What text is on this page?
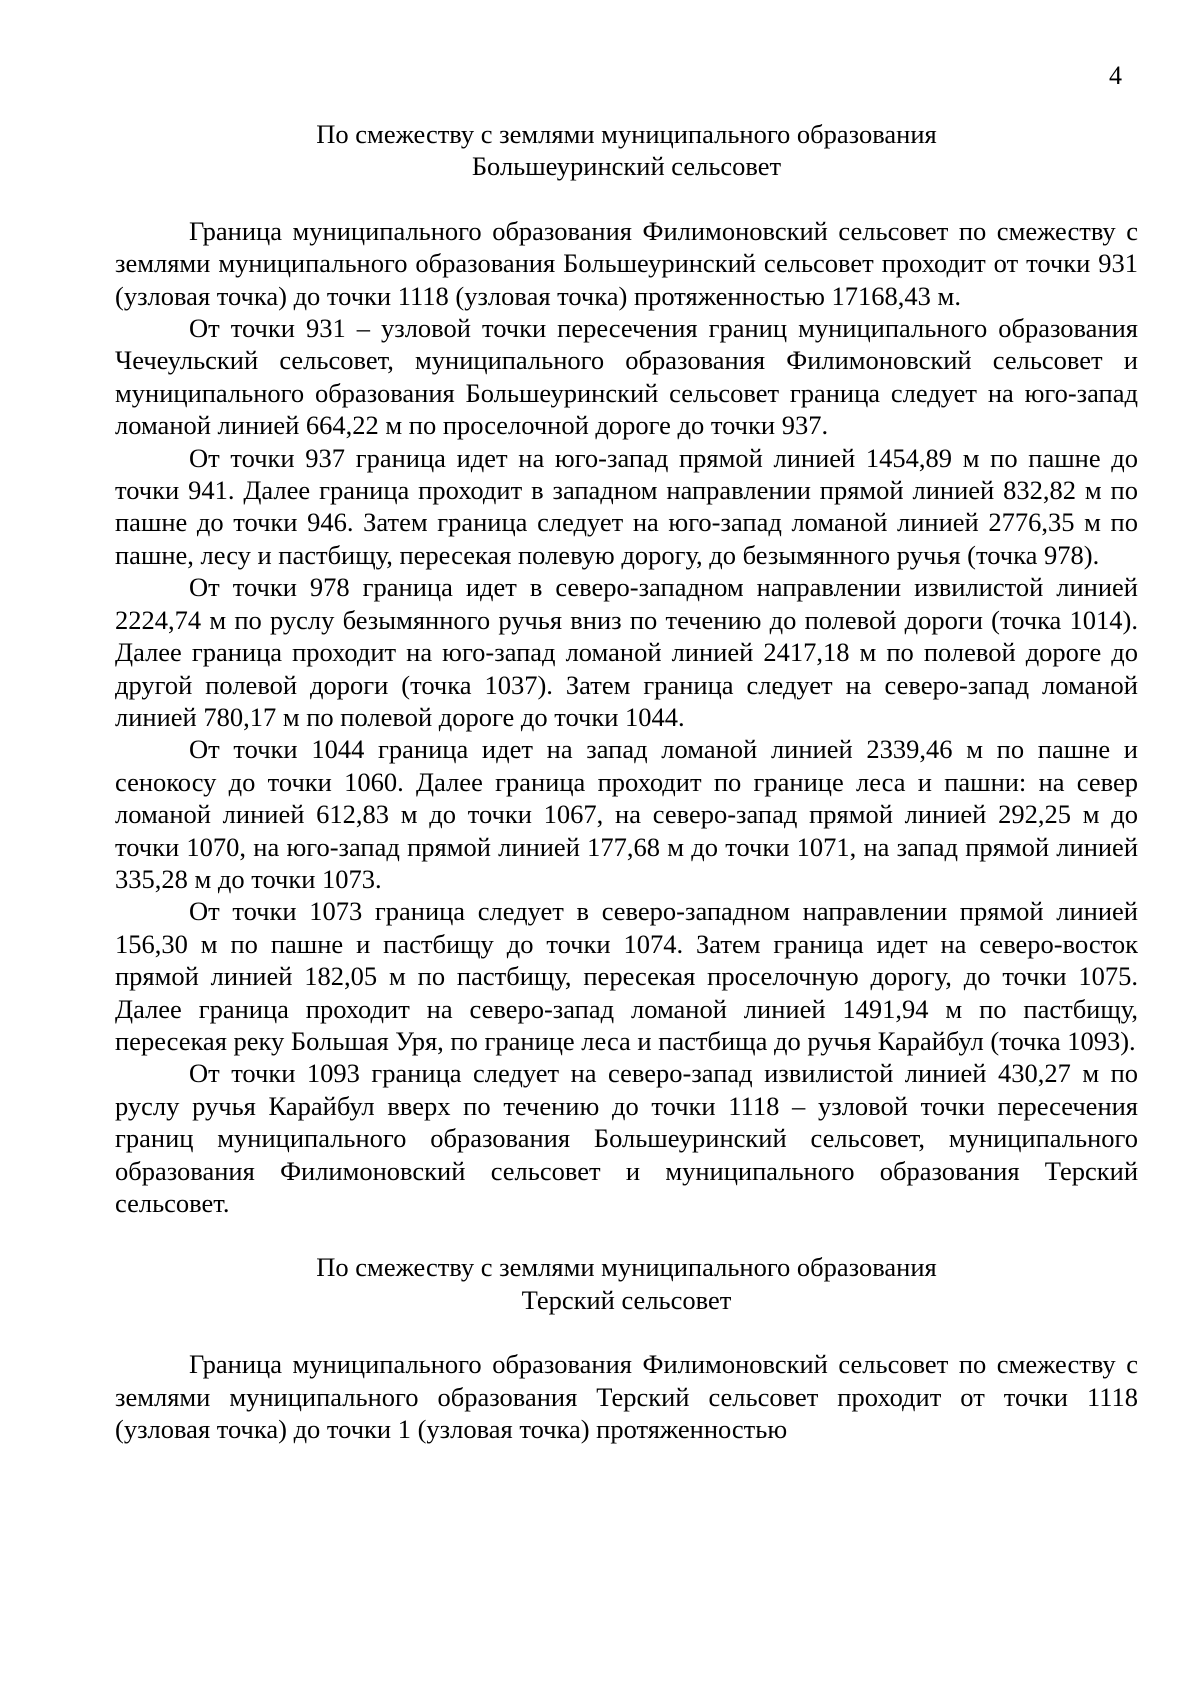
4
По смежеству с землями муниципального образования
Большеуринский сельсовет

Граница муниципального образования Филимоновский сельсовет по смежеству с землями муниципального образования Большеуринский сельсовет проходит от точки 931 (узловая точка) до точки 1118 (узловая точка) протяженностью 17168,43 м.

От точки 931 – узловой точки пересечения границ муниципального образования Чечеульский сельсовет, муниципального образования Филимоновский сельсовет и муниципального образования Большеуринский сельсовет граница следует на юго-запад ломаной линией 664,22 м по проселочной дороге до точки 937.

От точки 937 граница идет на юго-запад прямой линией 1454,89 м по пашне до точки 941. Далее граница проходит в западном направлении прямой линией 832,82 м по пашне до точки 946. Затем граница следует на юго-запад ломаной линией 2776,35 м по пашне, лесу и пастбищу, пересекая полевую дорогу, до безымянного ручья (точка 978).

От точки 978 граница идет в северо-западном направлении извилистой линией 2224,74 м по руслу безымянного ручья вниз по течению до полевой дороги (точка 1014). Далее граница проходит на юго-запад ломаной линией 2417,18 м по полевой дороге до другой полевой дороги (точка 1037). Затем граница следует на северо-запад ломаной линией 780,17 м по полевой дороге до точки 1044.

От точки 1044 граница идет на запад ломаной линией 2339,46 м по пашне и сенокосу до точки 1060. Далее граница проходит по границе леса и пашни: на север ломаной линией 612,83 м до точки 1067, на северо-запад прямой линией 292,25 м до точки 1070, на юго-запад прямой линией 177,68 м до точки 1071, на запад прямой линией 335,28 м до точки 1073.

От точки 1073 граница следует в северо-западном направлении прямой линией 156,30 м по пашне и пастбищу до точки 1074. Затем граница идет на северо-восток прямой линией 182,05 м по пастбищу, пересекая проселочную дорогу, до точки 1075. Далее граница проходит на северо-запад ломаной линией 1491,94 м по пастбищу, пересекая реку Большая Уря, по границе леса и пастбища до ручья Карайбул (точка 1093).

От точки 1093 граница следует на северо-запад извилистой линией 430,27 м по руслу ручья Карайбул вверх по течению до точки 1118 – узловой точки пересечения границ муниципального образования Большеуринский сельсовет, муниципального образования Филимоновский сельсовет и муниципального образования Терский сельсовет.

По смежеству с землями муниципального образования
Терский сельсовет

Граница муниципального образования Филимоновский сельсовет по смежеству с землями муниципального образования Терский сельсовет проходит от точки 1118 (узловая точка) до точки 1 (узловая точка) протяженностью
